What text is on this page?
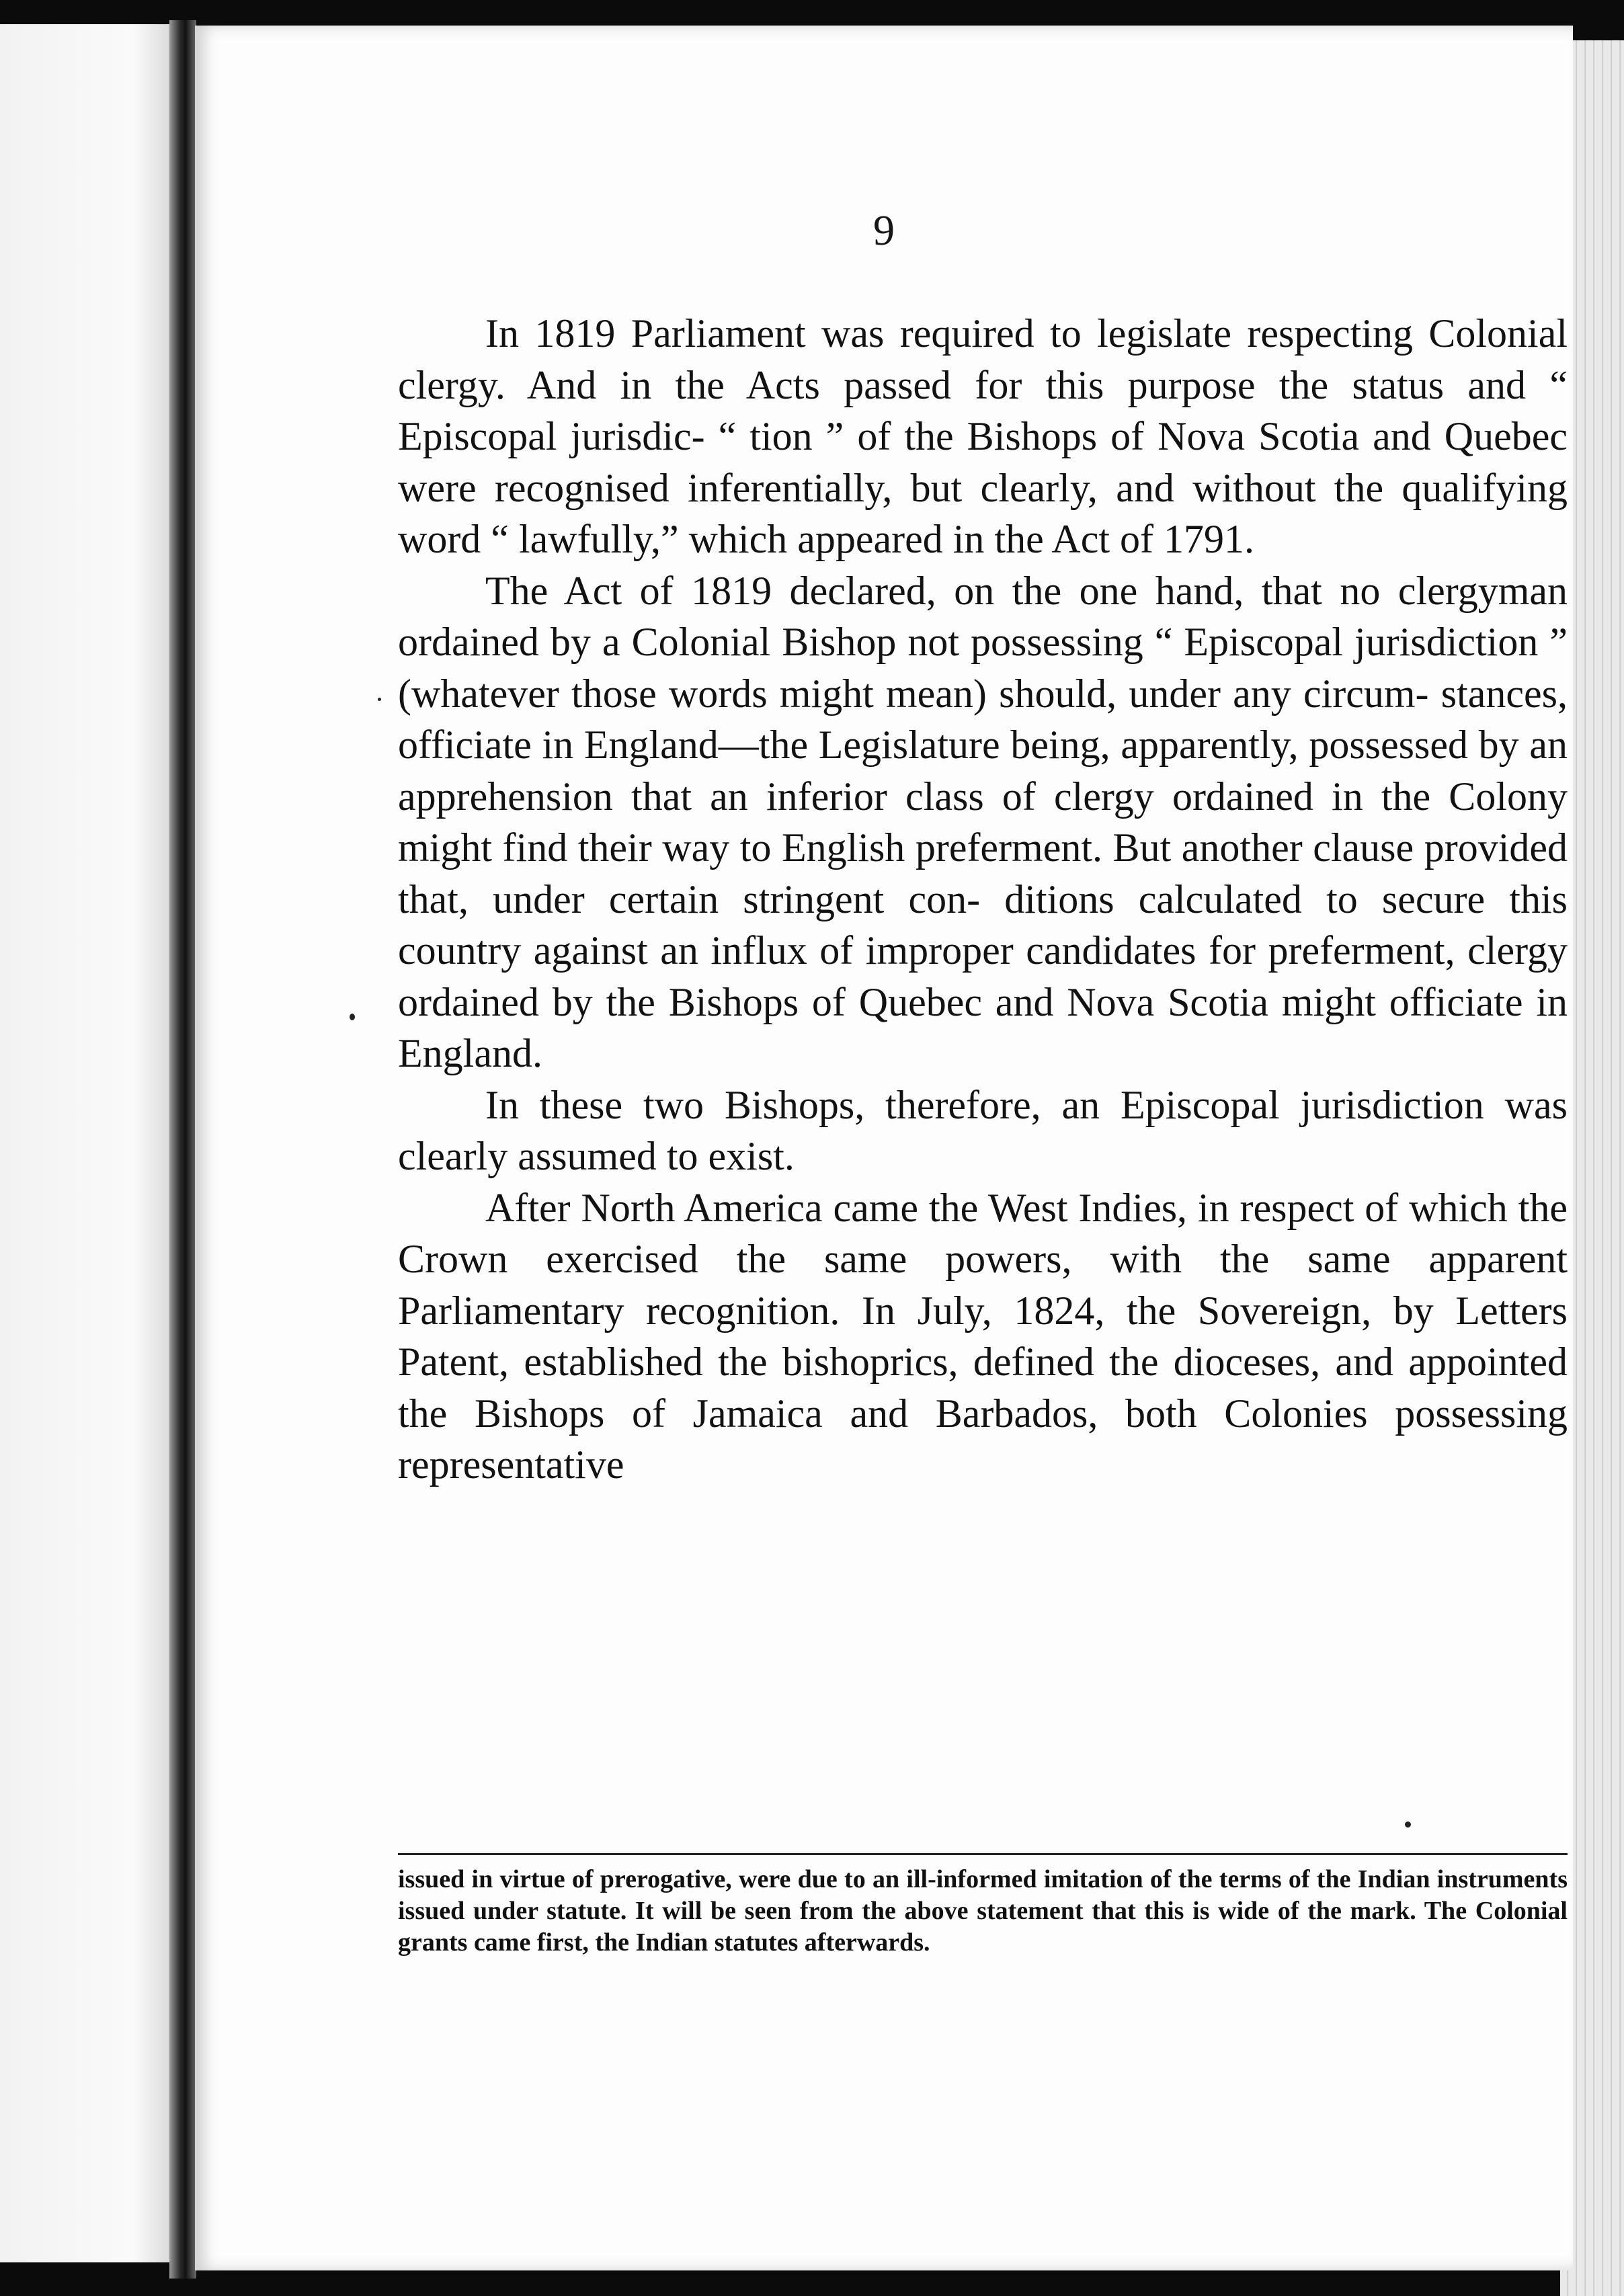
9

In 1819 Parliament was required to legislate respecting Colonial clergy. And in the Acts passed for this purpose the status and “ Episcopal jurisdic- “ tion ” of the Bishops of Nova Scotia and Quebec were recognised inferentially, but clearly, and without the qualifying word “ lawfully,” which appeared in the Act of 1791.

The Act of 1819 declared, on the one hand, that no clergyman ordained by a Colonial Bishop not possessing “ Episcopal jurisdiction ” (whatever those words might mean) should, under any circum- stances, officiate in England—the Legislature being, apparently, possessed by an apprehension that an inferior class of clergy ordained in the Colony might find their way to English preferment. But another clause provided that, under certain stringent con- ditions calculated to secure this country against an influx of improper candidates for preferment, clergy ordained by the Bishops of Quebec and Nova Scotia might officiate in England.

In these two Bishops, therefore, an Episcopal jurisdiction was clearly assumed to exist.

After North America came the West Indies, in respect of which the Crown exercised the same powers, with the same apparent Parliamentary recognition. In July, 1824, the Sovereign, by Letters Patent, established the bishoprics, defined the dioceses, and appointed the Bishops of Jamaica and Barbados, both Colonies possessing representative

issued in virtue of prerogative, were due to an ill-informed imitation of the terms of the Indian instruments issued under statute. It will be seen from the above statement that this is wide of the mark. The Colonial grants came first, the Indian statutes afterwards.
